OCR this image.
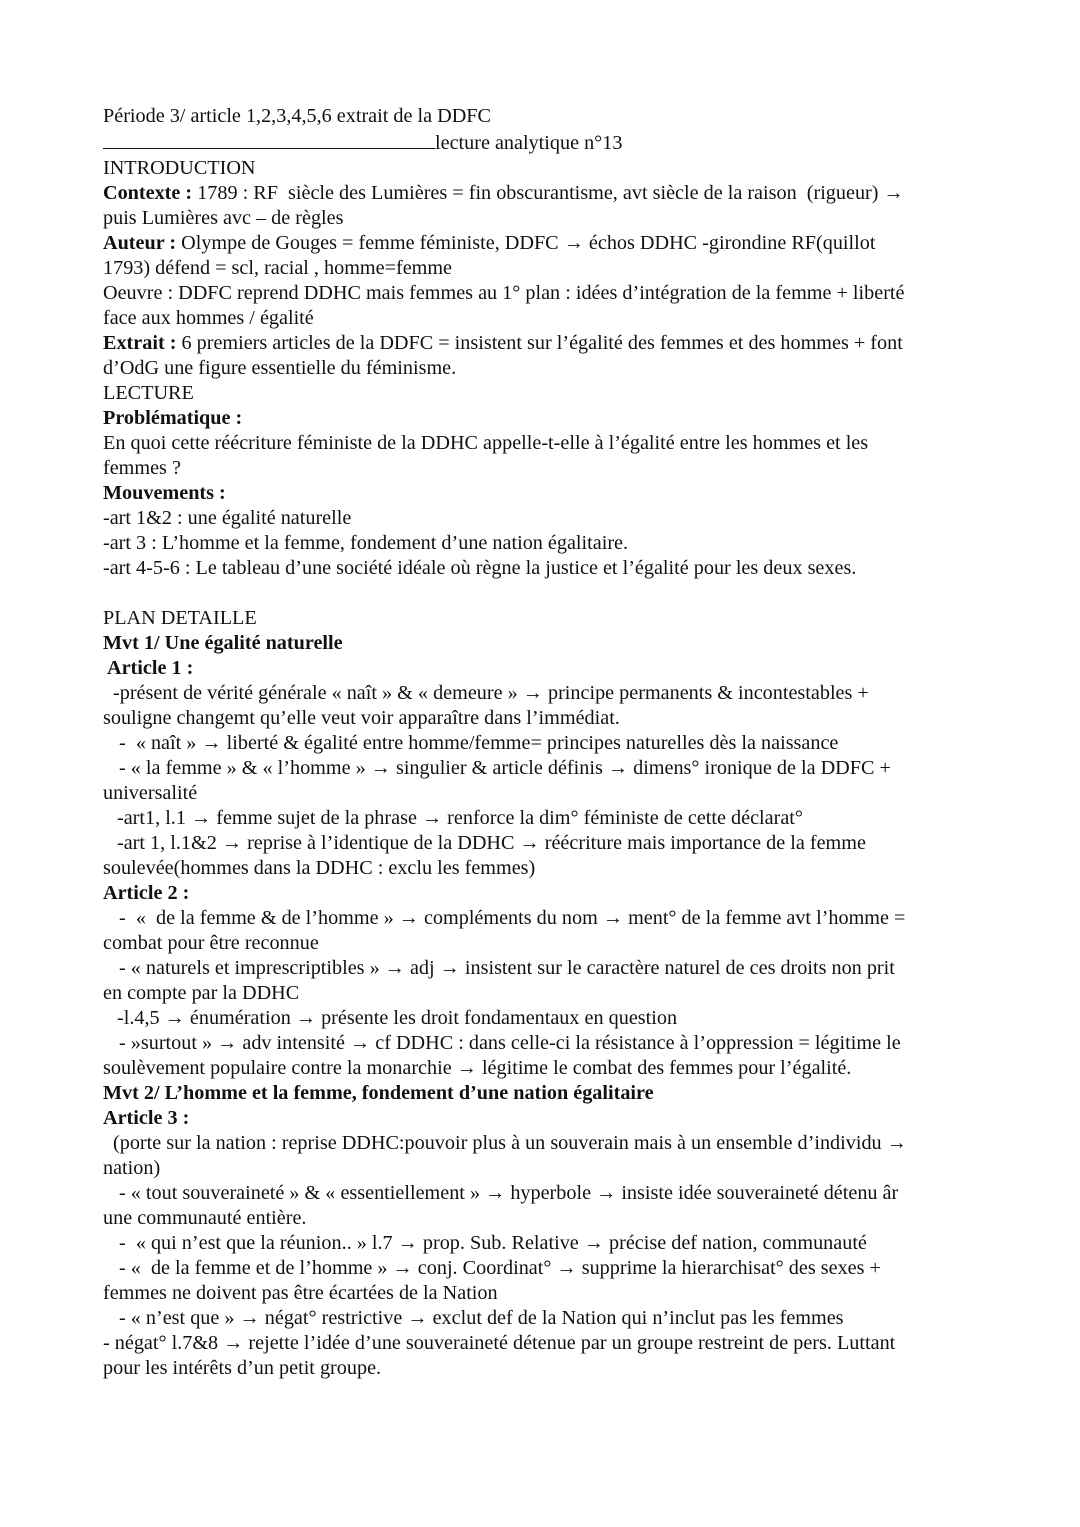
Période 3/ article 1,2,3,4,5,6 extrait de la DDFC

lecture analytique n°13

INTRODUCTION

Contexte : 1789 : RF  siècle des Lumières = fin obscurantisme, avt siècle de la raison  (rigueur) →

puis Lumières avc – de règles

Auteur : Olympe de Gouges = femme féministe, DDFC → échos DDHC -girondine RF(quillot

1793) défend = scl, racial , homme=femme

Oeuvre : DDFC reprend DDHC mais femmes au 1° plan : idées d’intégration de la femme + liberté

face aux hommes / égalité

Extrait : 6 premiers articles de la DDFC = insistent sur l’égalité des femmes et des hommes + font

d’OdG une figure essentielle du féminisme.

LECTURE

Problématique :

En quoi cette réécriture féministe de la DDHC appelle-t-elle à l’égalité entre les hommes et les

femmes ?

Mouvements :

-art 1&2 : une égalité naturelle

-art 3 : L’homme et la femme, fondement d’une nation égalitaire.

-art 4-5-6 : Le tableau d’une société idéale où règne la justice et l’égalité pour les deux sexes.

PLAN DETAILLE

Mvt 1/ Une égalité naturelle

Article 1 :

-présent de vérité générale « naît » & « demeure » → principe permanents & incontestables +

souligne changemt qu’elle veut voir apparaître dans l’immédiat.

-  « naît » → liberté & égalité entre homme/femme= principes naturelles dès la naissance

- « la femme » & « l’homme » → singulier & article définis → dimens° ironique de la DDFC +

universalité

-art1, l.1 → femme sujet de la phrase → renforce la dim° féministe de cette déclarat°

-art 1, l.1&2 → reprise à l’identique de la DDHC → réécriture mais importance de la femme

soulevée(hommes dans la DDHC : exclu les femmes)

Article 2 :

-  «  de la femme & de l’homme » → compléments du nom → ment° de la femme avt l’homme =

combat pour être reconnue

- « naturels et imprescriptibles » → adj → insistent sur le caractère naturel de ces droits non prit

en compte par la DDHC

-l.4,5 → énumération → présente les droit fondamentaux en question

- »surtout » → adv intensité → cf DDHC : dans celle-ci la résistance à l’oppression = légitime le

soulèvement populaire contre la monarchie → légitime le combat des femmes pour l’égalité.

Mvt 2/ L’homme et la femme, fondement d’une nation égalitaire

Article 3 :

(porte sur la nation : reprise DDHC:pouvoir plus à un souverain mais à un ensemble d’individu →

nation)

- « tout souveraineté » & « essentiellement » → hyperbole → insiste idée souveraineté détenu âr

une communauté entière.

-  « qui n’est que la réunion.. » l.7 → prop. Sub. Relative → précise def nation, communauté

- «  de la femme et de l’homme » → conj. Coordinat° → supprime la hierarchisat° des sexes +

femmes ne doivent pas être écartées de la Nation

- « n’est que » → négat° restrictive → exclut def de la Nation qui n’inclut pas les femmes

- négat° l.7&8 → rejette l’idée d’une souveraineté détenue par un groupe restreint de pers. Luttant

pour les intérêts d’un petit groupe.
